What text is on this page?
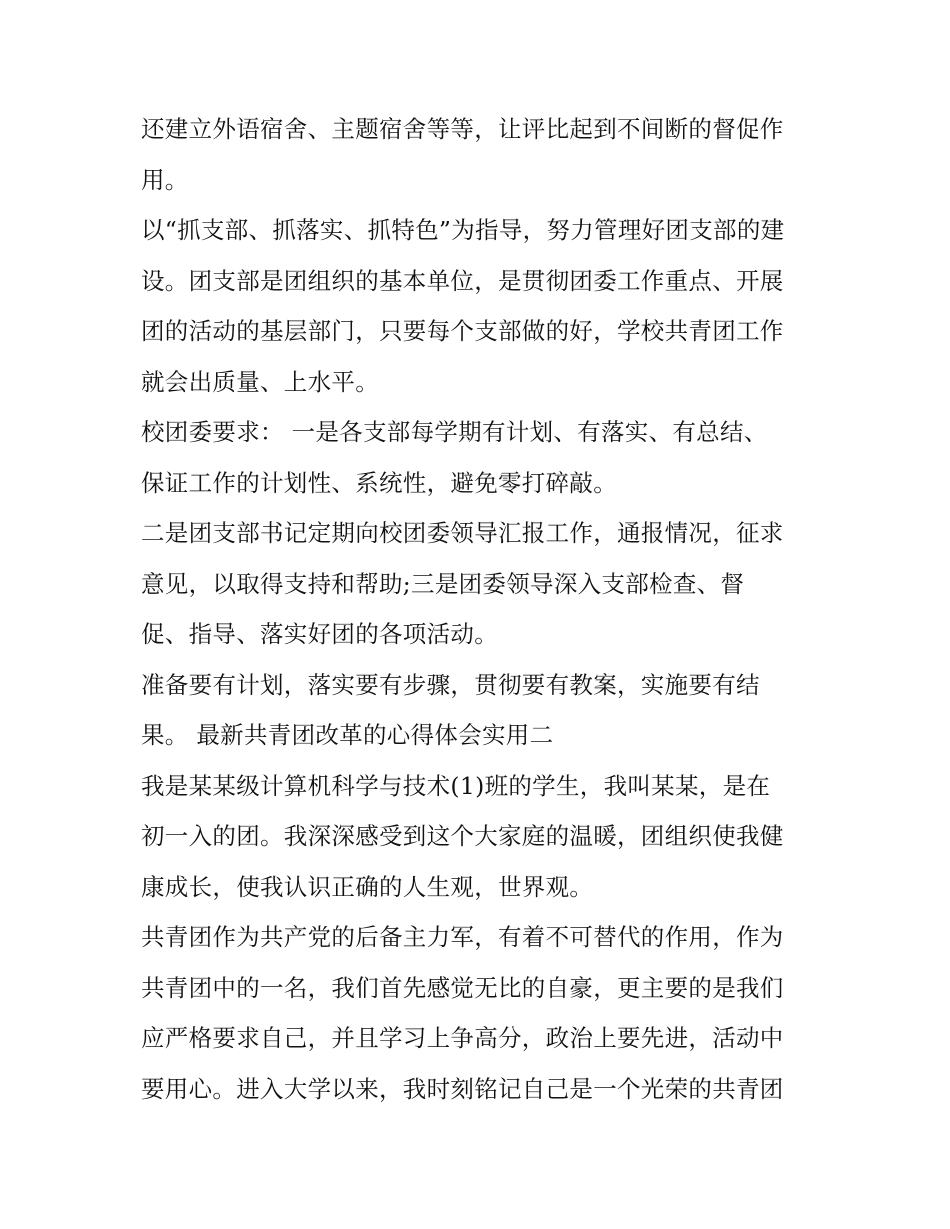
还建立外语宿舍、主题宿舍等等，让评比起到不间断的督促作
用。
以“抓支部、抓落实、抓特色”为指导，努力管理好团支部的建
设。团支部是团组织的基本单位，是贯彻团委工作重点、开展
团的活动的基层部门，只要每个支部做的好，学校共青团工作
就会出质量、上水平。
校团委要求： 一是各支部每学期有计划、有落实、有总结、
保证工作的计划性、系统性，避免零打碎敲。
二是团支部书记定期向校团委领导汇报工作，通报情况，征求
意见，以取得支持和帮助;三是团委领导深入支部检查、督
促、指导、落实好团的各项活动。
准备要有计划，落实要有步骤，贯彻要有教案，实施要有结
果。 最新共青团改革的心得体会实用二
我是某某级计算机科学与技术(1)班的学生，我叫某某，是在
初一入的团。我深深感受到这个大家庭的温暖，团组织使我健
康成长，使我认识正确的人生观，世界观。
共青团作为共产党的后备主力军，有着不可替代的作用，作为
共青团中的一名，我们首先感觉无比的自豪，更主要的是我们
应严格要求自己，并且学习上争高分，政治上要先进，活动中
要用心。进入大学以来，我时刻铭记自己是一个光荣的共青团
